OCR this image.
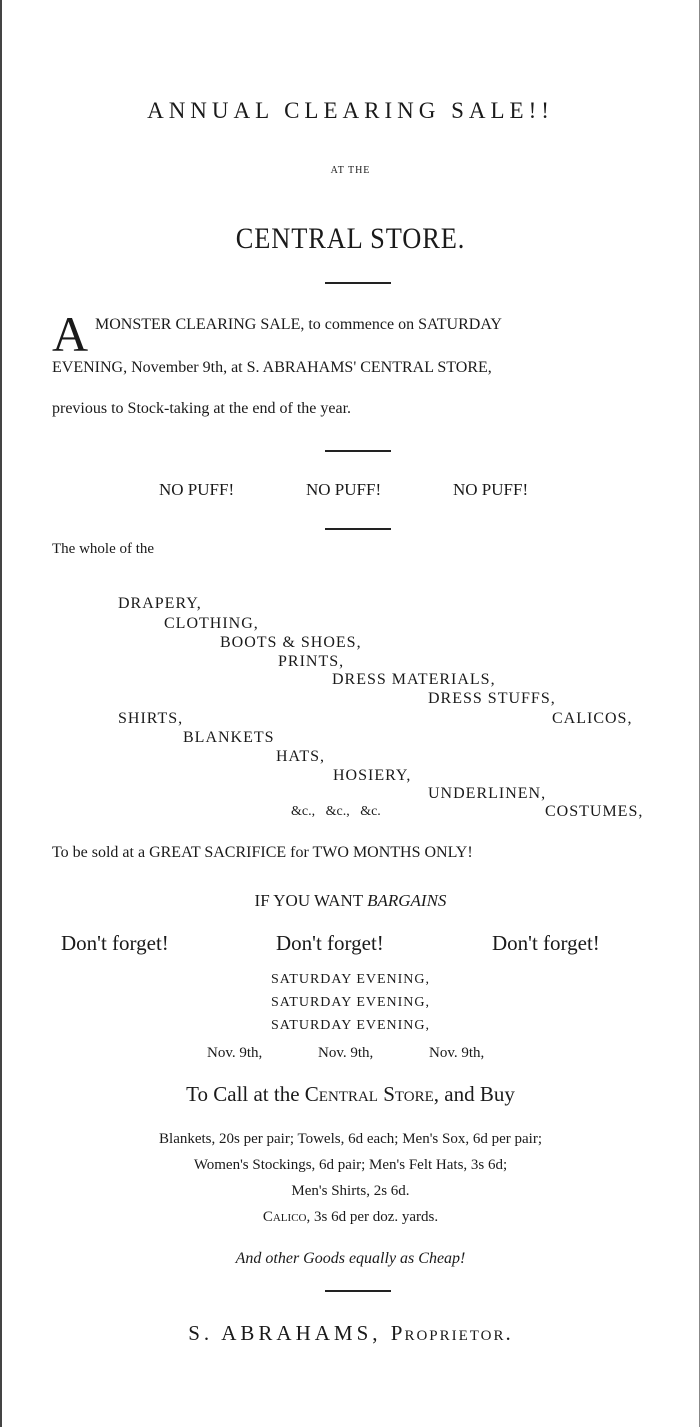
ANNUAL CLEARING SALE!!
AT THE
CENTRAL STORE.
A MONSTER CLEARING SALE, to commence on SATURDAY
EVENING, November 9th, at S. ABRAHAMS' CENTRAL STORE,
previous to Stock-taking at the end of the year.
NO PUFF!	NO PUFF!	NO PUFF!
The whole of the
DRAPERY,
CLOTHING,
BOOTS & SHOES,
PRINTS,
DRESS MATERIALS,
DRESS STUFFS,
SHIRTS,	CALICOS,
BLANKETS
HATS,
HOSIERY,
UNDERLINEN,
&c.,   &c.,   &c.	COSTUMES,
To be sold at a GREAT SACRIFICE for TWO MONTHS ONLY!
IF YOU WANT BARGAINS
Don't forget!	Don't forget!	Don't forget!
SATURDAY EVENING,
SATURDAY EVENING,
SATURDAY EVENING,
Nov. 9th,	Nov. 9th,	Nov. 9th,
To Call at the Central Store, and Buy
Blankets, 20s per pair; Towels, 6d each; Men's Sox, 6d per pair;
Women's Stockings, 6d pair; Men's Felt Hats, 3s 6d;
Men's Shirts, 2s 6d.
Calico, 3s 6d per doz. yards.
And other Goods equally as Cheap!
S. ABRAHAMS, Proprietor.
